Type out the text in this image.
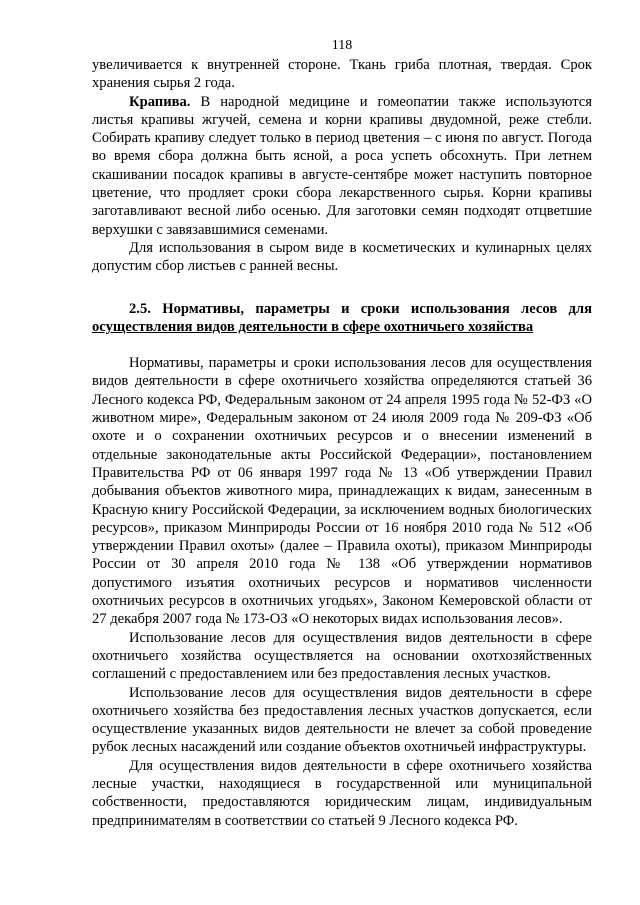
118

увеличивается к внутренней стороне. Ткань гриба плотная, твердая. Срок хранения сырья 2 года.

Крапива. В народной медицине и гомеопатии также используются листья крапивы жгучей, семена и корни крапивы двудомной, реже стебли. Собирать крапиву следует только в период цветения – с июня по август. Погода во время сбора должна быть ясной, а роса успеть обсохнуть. При летнем скашивании посадок крапивы в августе-сентябре может наступить повторное цветение, что продляет сроки сбора лекарственного сырья. Корни крапивы заготавливают весной либо осенью. Для заготовки семян подходят отцветшие верхушки с завязавшимися семенами.

Для использования в сыром виде в косметических и кулинарных целях допустим сбор листьев с ранней весны.

2.5. Нормативы, параметры и сроки использования лесов для осуществления видов деятельности в сфере охотничьего хозяйства

Нормативы, параметры и сроки использования лесов для осуществления видов деятельности в сфере охотничьего хозяйства определяются статьей 36 Лесного кодекса РФ, Федеральным законом от 24 апреля 1995 года № 52-ФЗ «О животном мире», Федеральным законом от 24 июля 2009 года № 209-ФЗ «Об охоте и о сохранении охотничьих ресурсов и о внесении изменений в отдельные законодательные акты Российской Федерации», постановлением Правительства РФ от 06 января 1997 года № 13 «Об утверждении Правил добывания объектов животного мира, принадлежащих к видам, занесенным в Красную книгу Российской Федерации, за исключением водных биологических ресурсов», приказом Минприроды России от 16 ноября 2010 года № 512 «Об утверждении Правил охоты» (далее – Правила охоты), приказом Минприроды России от 30 апреля 2010 года № 138 «Об утверждении нормативов допустимого изъятия охотничьих ресурсов и нормативов численности охотничьих ресурсов в охотничьих угодьях», Законом Кемеровской области от 27 декабря 2007 года № 173-ОЗ «О некоторых видах использования лесов».

Использование лесов для осуществления видов деятельности в сфере охотничьего хозяйства осуществляется на основании охотхозяйственных соглашений с предоставлением или без предоставления лесных участков.

Использование лесов для осуществления видов деятельности в сфере охотничьего хозяйства без предоставления лесных участков допускается, если осуществление указанных видов деятельности не влечет за собой проведение рубок лесных насаждений или создание объектов охотничьей инфраструктуры.

Для осуществления видов деятельности в сфере охотничьего хозяйства лесные участки, находящиеся в государственной или муниципальной собственности, предоставляются юридическим лицам, индивидуальным предпринимателям в соответствии со статьей 9 Лесного кодекса РФ.
